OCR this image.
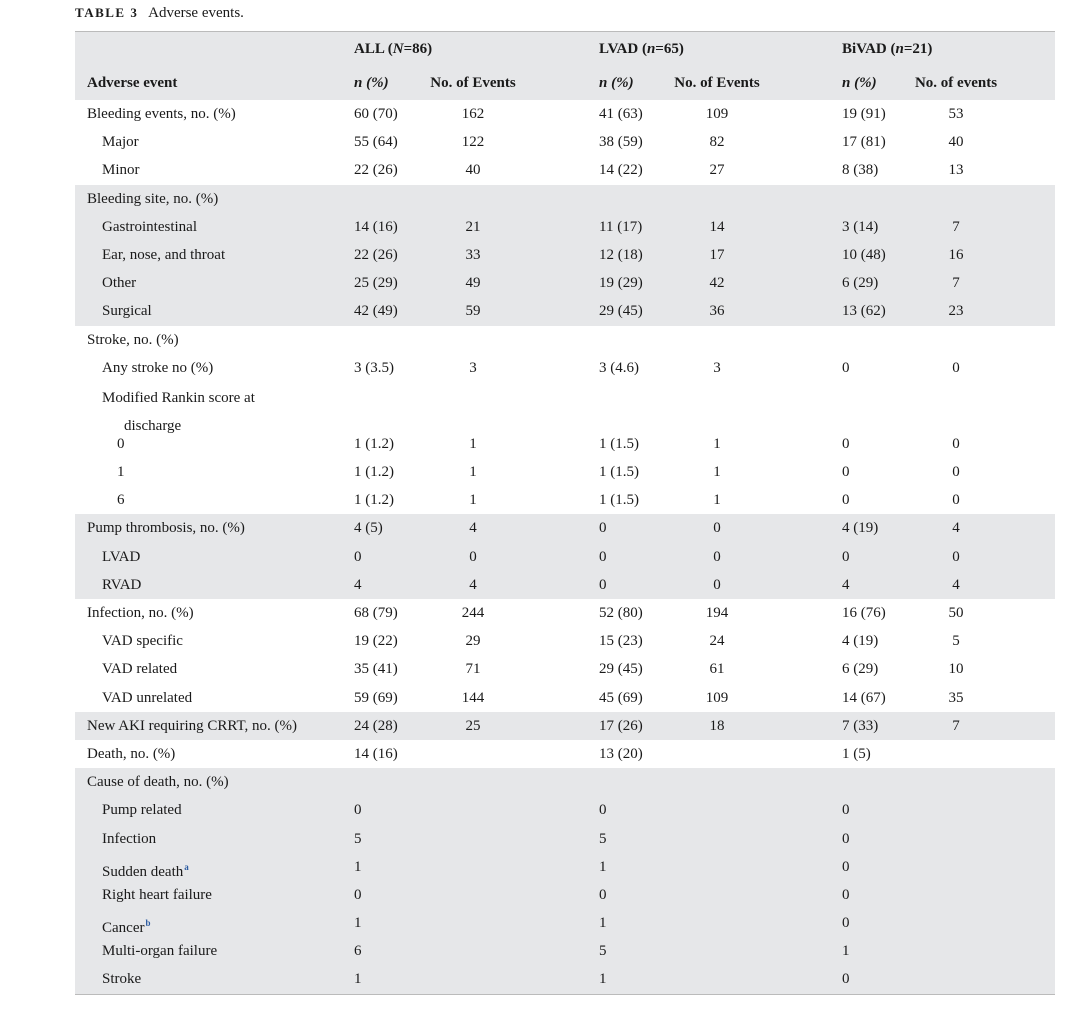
TABLE 3 Adverse events.
ALL (N=86)	LVAD (n=65)	BiVAD (n=21)
Adverse event	n (%)	No. of Events	n (%)	No. of Events	n (%)	No. of events
Bleeding events, no. (%)	60 (70)	162	41 (63)	109	19 (91)	53
Major	55 (64)	122	38 (59)	82	17 (81)	40
Minor	22 (26)	40	14 (22)	27	8 (38)	13
Bleeding site, no. (%)
Gastrointestinal	14 (16)	21	11 (17)	14	3 (14)	7
Ear, nose, and throat	22 (26)	33	12 (18)	17	10 (48)	16
Other	25 (29)	49	19 (29)	42	6 (29)	7
Surgical	42 (49)	59	29 (45)	36	13 (62)	23
Stroke, no. (%)
Any stroke no (%)	3 (3.5)	3	3 (4.6)	3	0	0
Modified Rankin score at
discharge
0	1 (1.2)	1	1 (1.5)	1	0	0
1	1 (1.2)	1	1 (1.5)	1	0	0
6	1 (1.2)	1	1 (1.5)	1	0	0
Pump thrombosis, no. (%)	4 (5)	4	0	0	4 (19)	4
LVAD	0	0	0	0	0	0
RVAD	4	4	0	0	4	4
Infection, no. (%)	68 (79)	244	52 (80)	194	16 (76)	50
VAD specific	19 (22)	29	15 (23)	24	4 (19)	5
VAD related	35 (41)	71	29 (45)	61	6 (29)	10
VAD unrelated	59 (69)	144	45 (69)	109	14 (67)	35
New AKI requiring CRRT, no. (%)	24 (28)	25	17 (26)	18	7 (33)	7
Death, no. (%)	14 (16)	13 (20)	1 (5)
Cause of death, no. (%)
Pump related	0	0	0
Infection	5	5	0
Sudden death$^a$	1	1	0
Right heart failure	0	0	0
Cancer$^b$	1	1	0
Multi-organ failure	6	5	1
Stroke	1	1	0
